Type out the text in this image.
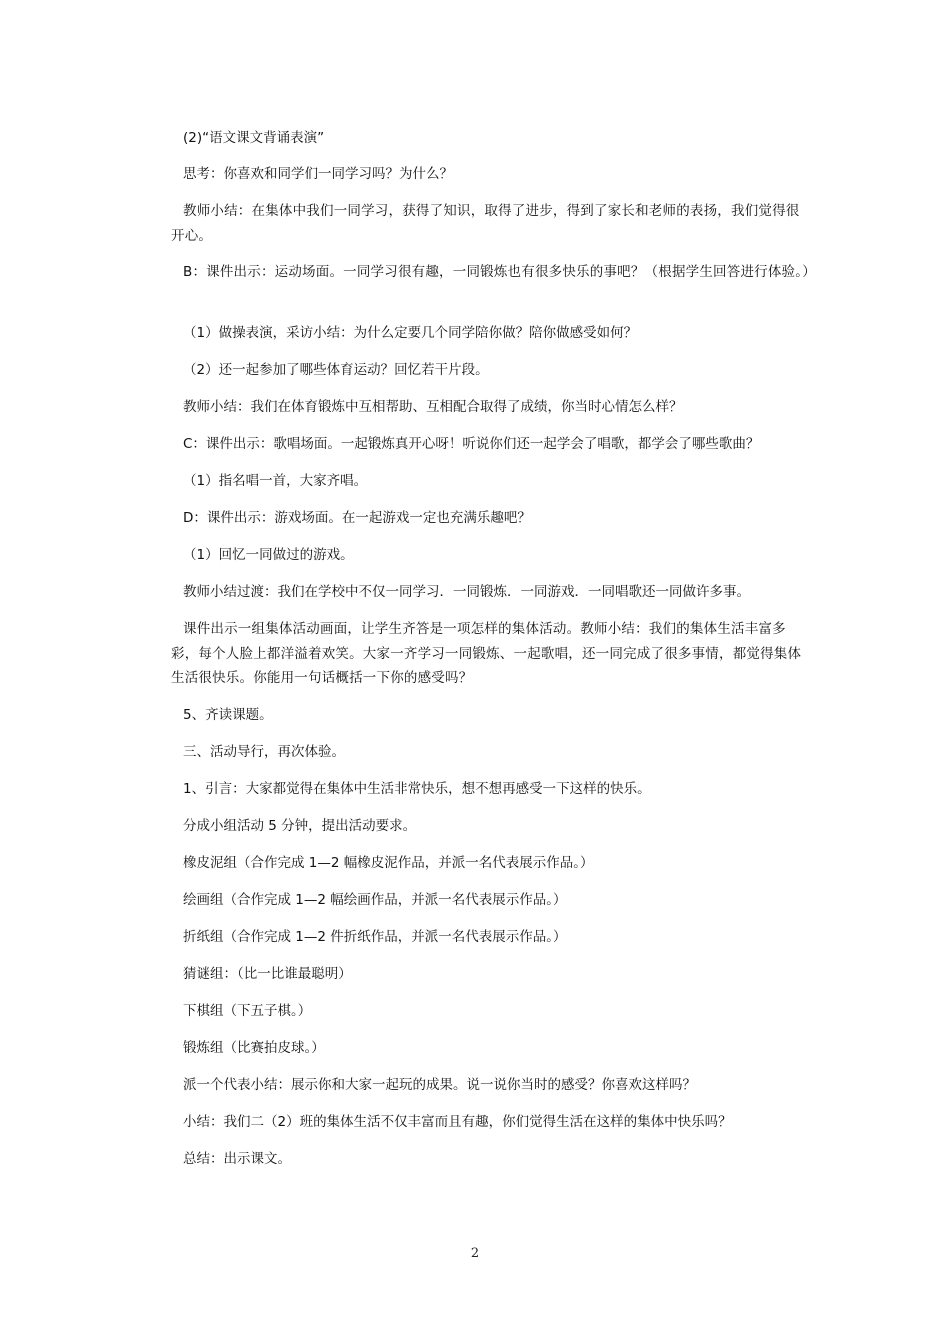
(2)“语文课文背诵表演”
思考：你喜欢和同学们一同学习吗？为什么？
教师小结：在集体中我们一同学习，获得了知识，取得了进步，得到了家长和老师的表扬，我们觉得很开心。
B：课件出示：运动场面。一同学习很有趣，一同锻炼也有很多快乐的事吧？（根据学生回答进行体验。）
（1）做操表演，采访小结：为什么定要几个同学陪你做？陪你做感受如何？
（2）还一起参加了哪些体育运动？回忆若干片段。
教师小结：我们在体育锻炼中互相帮助、互相配合取得了成绩，你当时心情怎么样？
C：课件出示：歌唱场面。一起锻炼真开心呀！听说你们还一起学会了唱歌，都学会了哪些歌曲？
（1）指名唱一首，大家齐唱。
D：课件出示：游戏场面。在一起游戏一定也充满乐趣吧？
（1）回忆一同做过的游戏。
教师小结过渡：我们在学校中不仅一同学习．一同锻炼．一同游戏．一同唱歌还一同做许多事。
课件出示一组集体活动画面，让学生齐答是一项怎样的集体活动。教师小结：我们的集体生活丰富多彩，每个人脸上都洋溢着欢笑。大家一齐学习一同锻炼、一起歌唱，还一同完成了很多事情，都觉得集体生活很快乐。你能用一句话概括一下你的感受吗？
5、齐读课题。
三、活动导行，再次体验。
1、引言：大家都觉得在集体中生活非常快乐，想不想再感受一下这样的快乐。
分成小组活动 5 分钟，提出活动要求。
橡皮泥组（合作完成 1—2 幅橡皮泥作品，并派一名代表展示作品。）
绘画组（合作完成 1—2 幅绘画作品，并派一名代表展示作品。）
折纸组（合作完成 1—2 件折纸作品，并派一名代表展示作品。）
猜谜组：（比一比谁最聪明）
下棋组（下五子棋。）
锻炼组（比赛拍皮球。）
派一个代表小结：展示你和大家一起玩的成果。说一说你当时的感受？你喜欢这样吗？
小结：我们二（2）班的集体生活不仅丰富而且有趣，你们觉得生活在这样的集体中快乐吗？
总结：出示课文。
2
